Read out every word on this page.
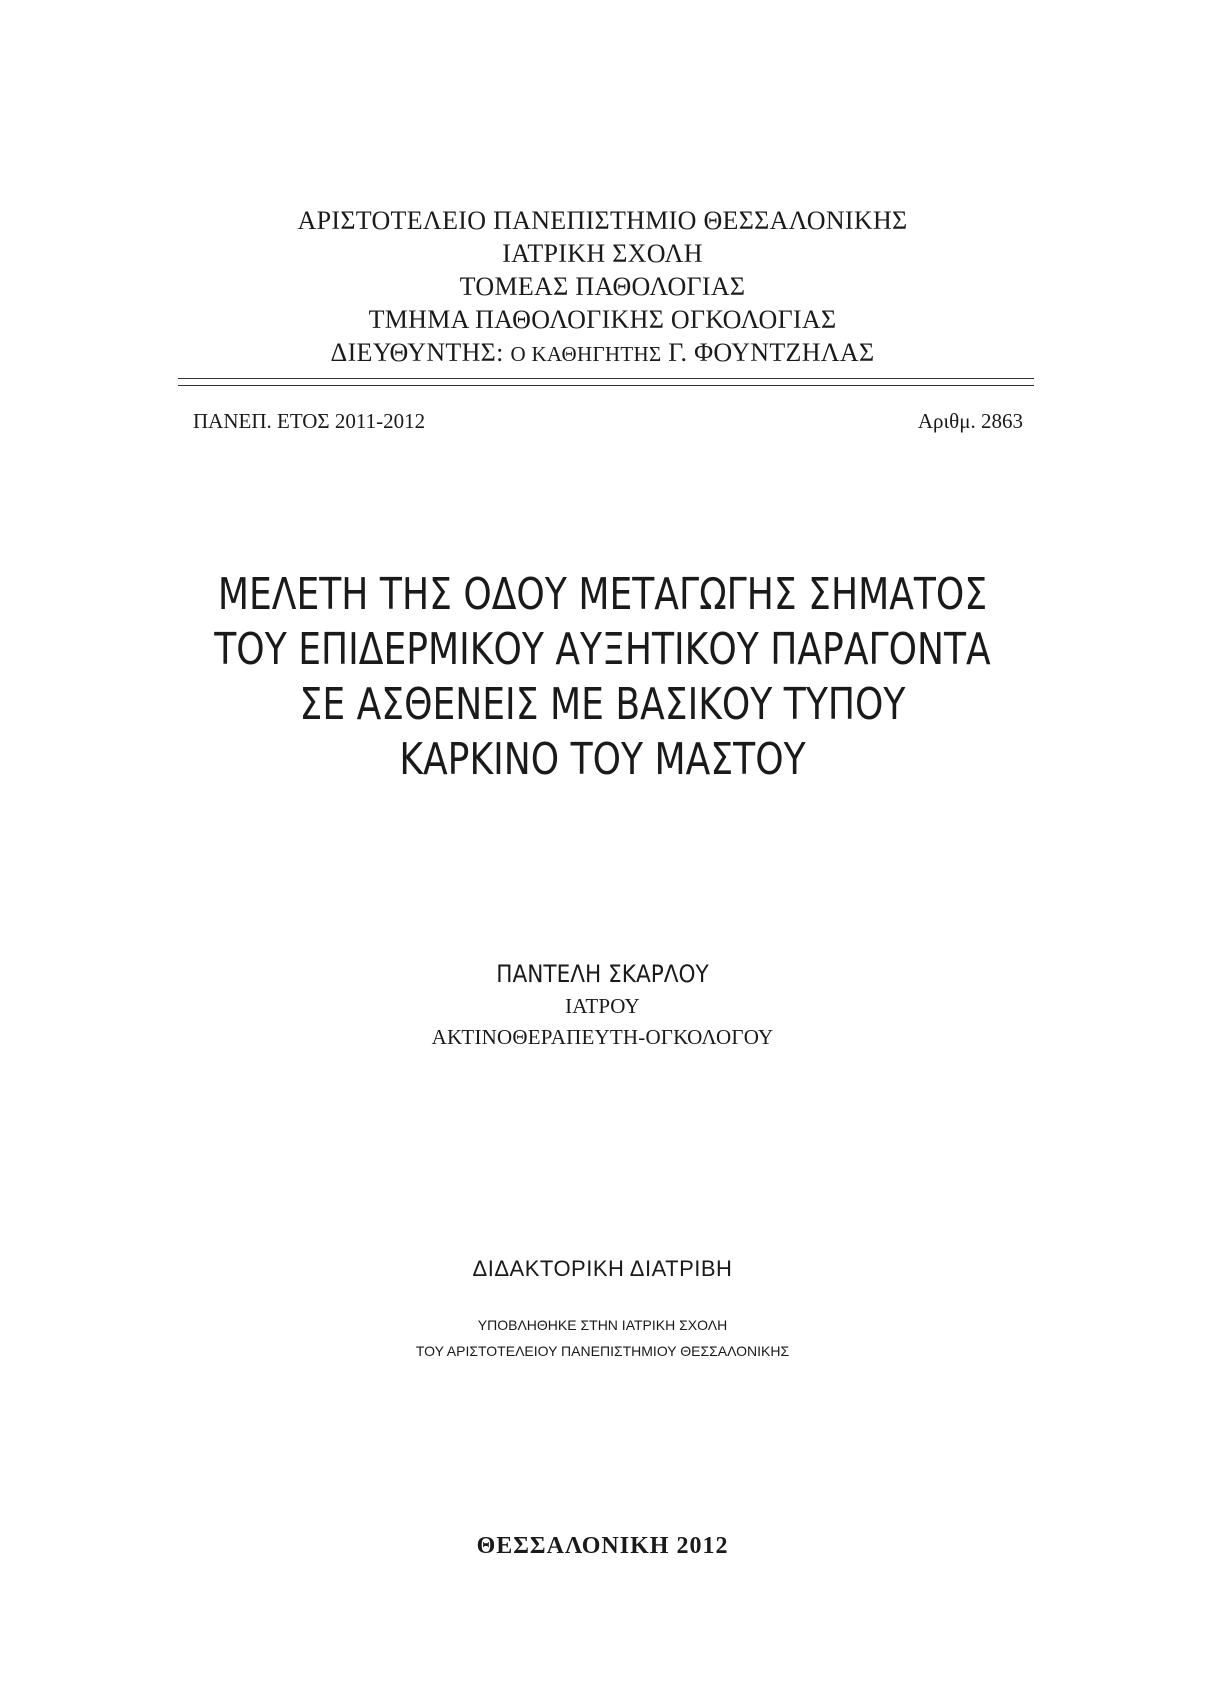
ΑΡΙΣΤΟΤΕΛΕΙΟ ΠΑΝΕΠΙΣΤΗΜΙΟ ΘΕΣΣΑΛΟΝΙΚΗΣ
ΙΑΤΡΙΚΗ ΣΧΟΛΗ
ΤΟΜΕΑΣ ΠΑΘΟΛΟΓΙΑΣ
ΤΜΗΜΑ ΠΑΘΟΛΟΓΙΚΗΣ ΟΓΚΟΛΟΓΙΑΣ
ΔΙΕΥΘΥΝΤΗΣ: Ο ΚΑΘΗΓΗΤΗΣ Γ. ΦΟΥΝΤΖΗΛΑΣ
ΠΑΝΕΠ. ΕΤΟΣ 2011-2012	Αριθμ. 2863
ΜΕΛΕΤΗ ΤΗΣ ΟΔΟΥ ΜΕΤΑΓΩΓΗΣ ΣΗΜΑΤΟΣ
ΤΟΥ ΕΠΙΔΕΡΜΙΚΟΥ ΑΥΞΗΤΙΚΟΥ ΠΑΡΑΓΟΝΤΑ
ΣΕ ΑΣΘΕΝΕΙΣ ΜΕ ΒΑΣΙΚΟΥ ΤΥΠΟΥ
ΚΑΡΚΙΝΟ ΤΟΥ ΜΑΣΤΟΥ
ΠΑΝΤΕΛΗ ΣΚΑΡΛΟΥ
ΙΑΤΡΟΥ
ΑΚΤΙΝΟΘΕΡΑΠΕΥΤΗ-ΟΓΚΟΛΟΓΟΥ
ΔΙΔΑΚΤΟΡΙΚΗ ΔΙΑΤΡΙΒΗ
ΥΠΟΒΛΗΘΗΚΕ ΣΤΗΝ ΙΑΤΡΙΚΗ ΣΧΟΛΗ
ΤΟΥ ΑΡΙΣΤΟΤΕΛΕΙΟΥ ΠΑΝΕΠΙΣΤΗΜΙΟΥ ΘΕΣΣΑΛΟΝΙΚΗΣ
ΘΕΣΣΑΛΟΝΙΚΗ 2012
